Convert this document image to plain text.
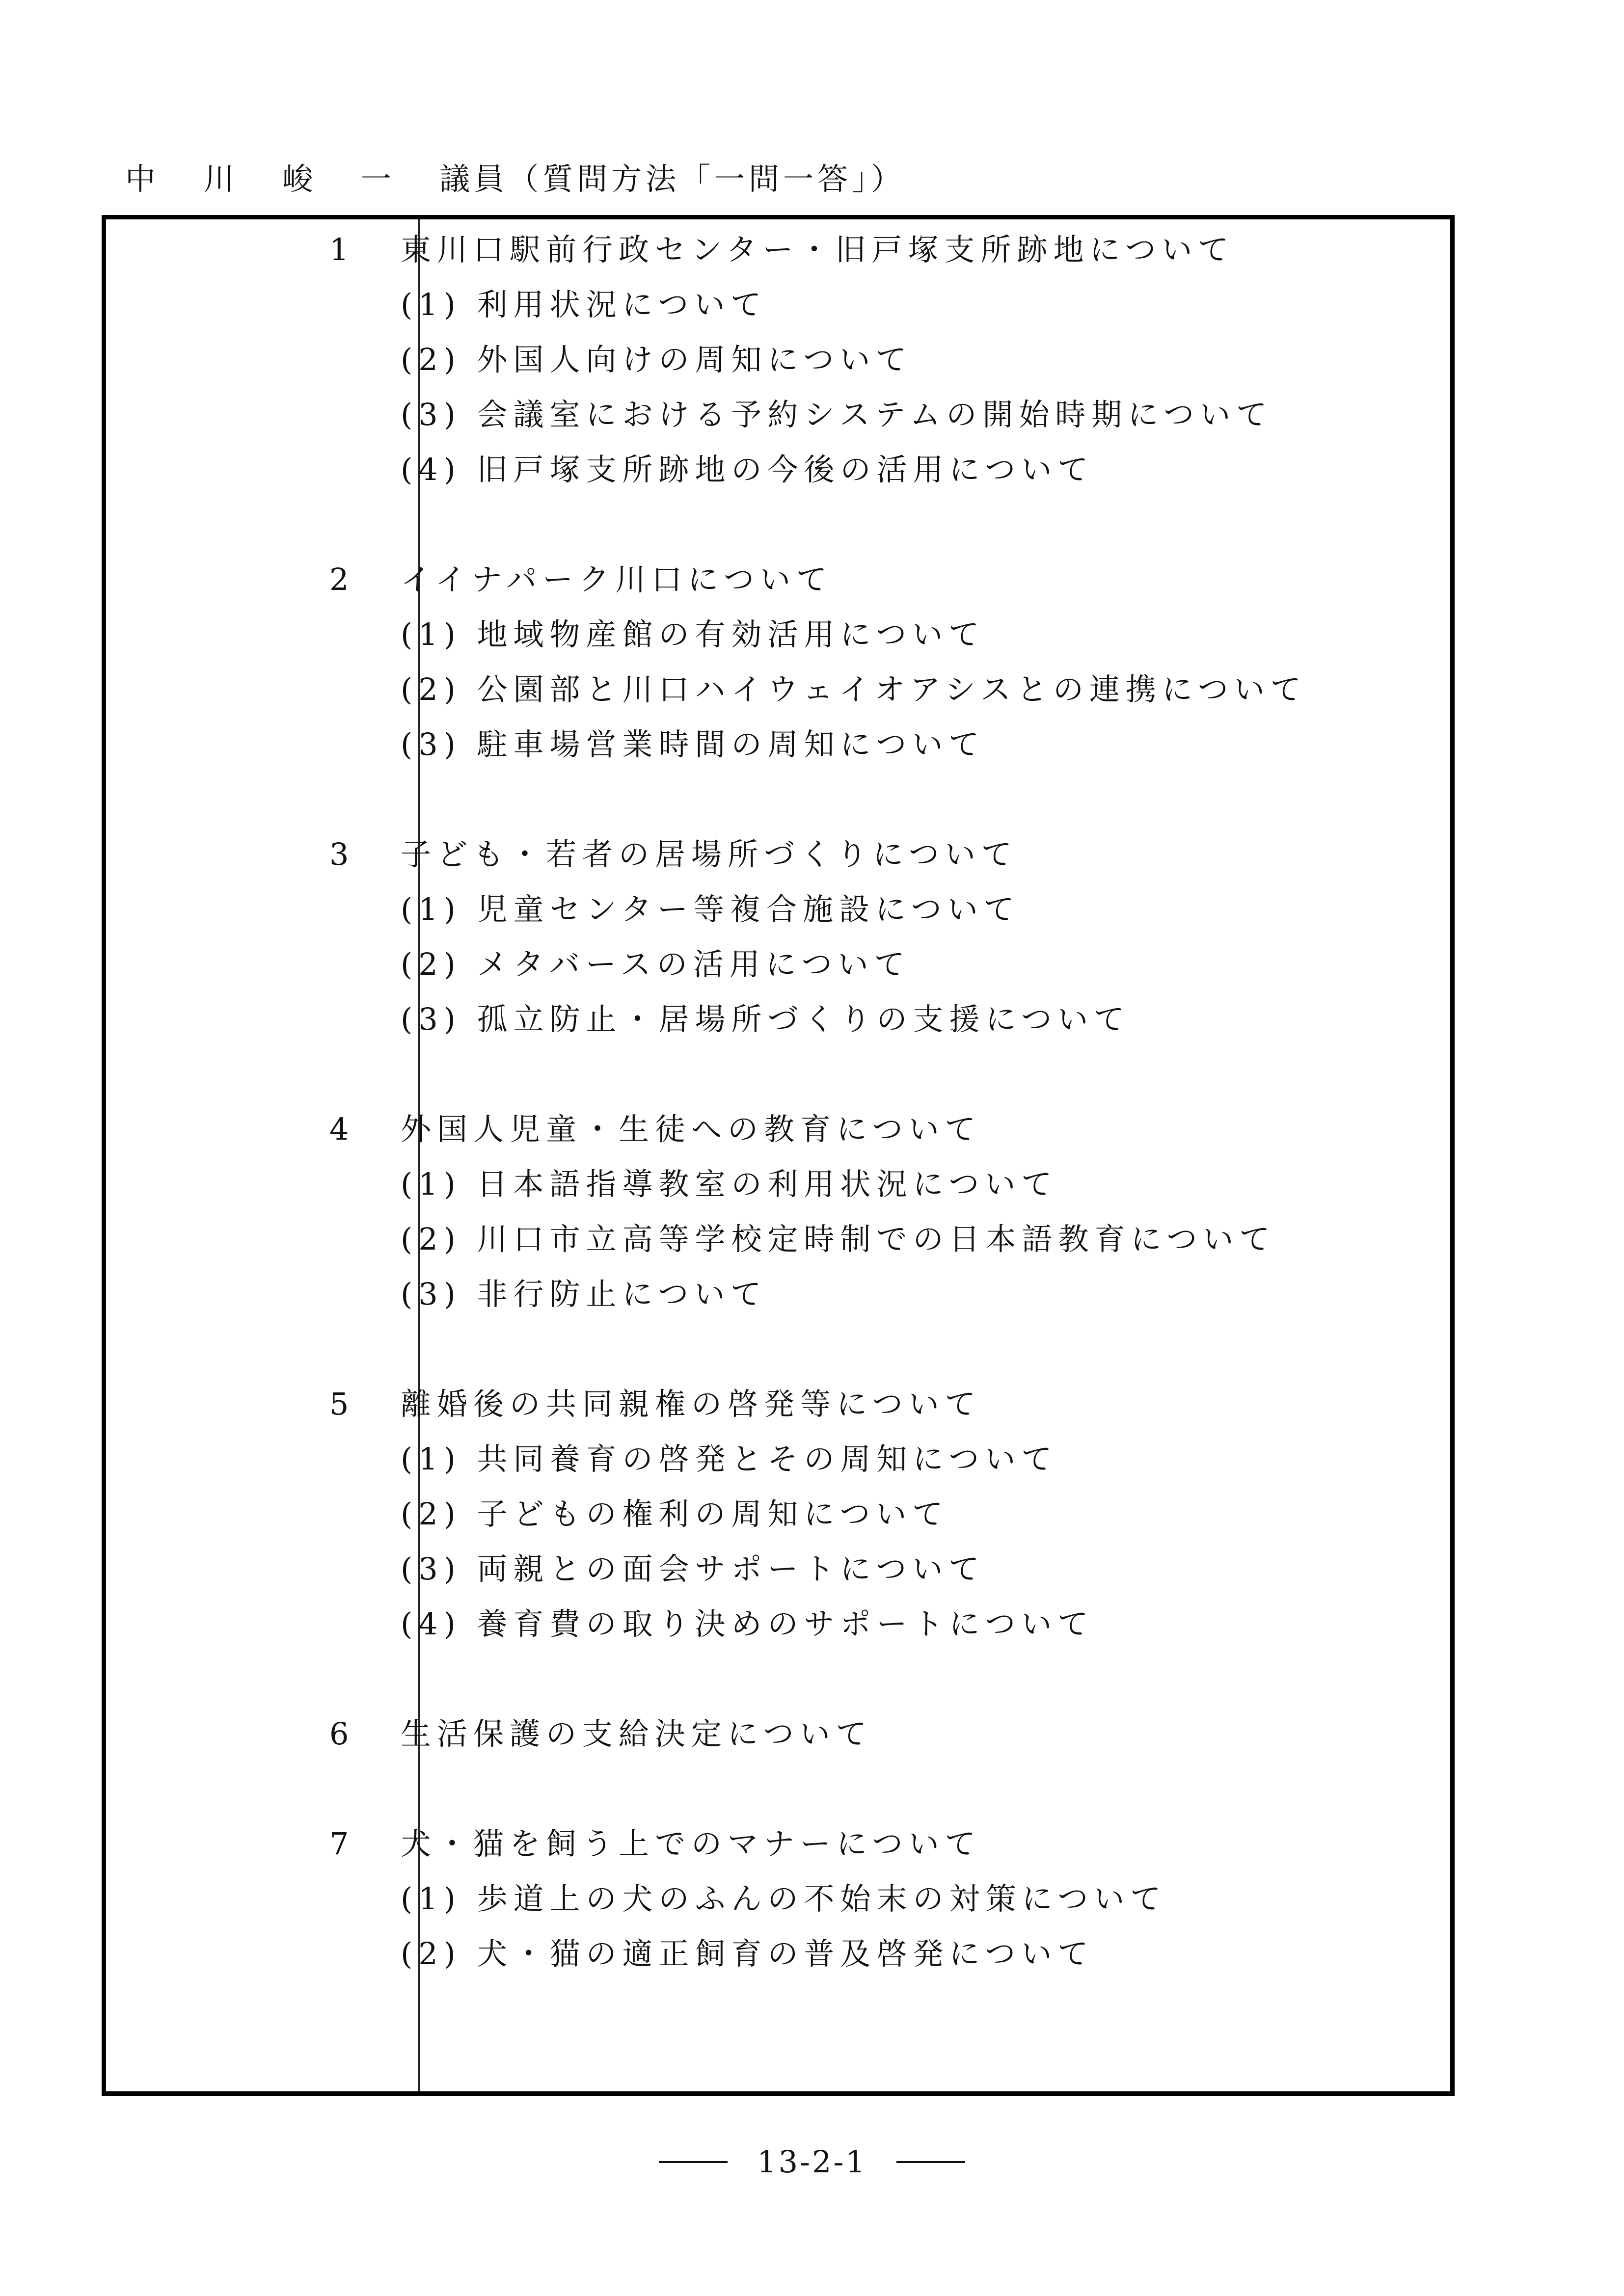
中 川 峻 一 議員（質問方法「一問一答」）
1 東川口駅前行政センター・旧戸塚支所跡地について
(1) 利用状況について
(2) 外国人向けの周知について
(3) 会議室における予約システムの開始時期について
(4) 旧戸塚支所跡地の今後の活用について
2 イイナパーク川口について
(1) 地域物産館の有効活用について
(2) 公園部と川口ハイウェイオアシスとの連携について
(3) 駐車場営業時間の周知について
3 子ども・若者の居場所づくりについて
(1) 児童センター等複合施設について
(2) メタバースの活用について
(3) 孤立防止・居場所づくりの支援について
4 外国人児童・生徒への教育について
(1) 日本語指導教室の利用状況について
(2) 川口市立高等学校定時制での日本語教育について
(3) 非行防止について
5 離婚後の共同親権の啓発等について
(1) 共同養育の啓発とその周知について
(2) 子どもの権利の周知について
(3) 両親との面会サポートについて
(4) 養育費の取り決めのサポートについて
6 生活保護の支給決定について
7 犬・猫を飼う上でのマナーについて
(1) 歩道上の犬のふんの不始末の対策について
(2) 犬・猫の適正飼育の普及啓発について
13-2-1
